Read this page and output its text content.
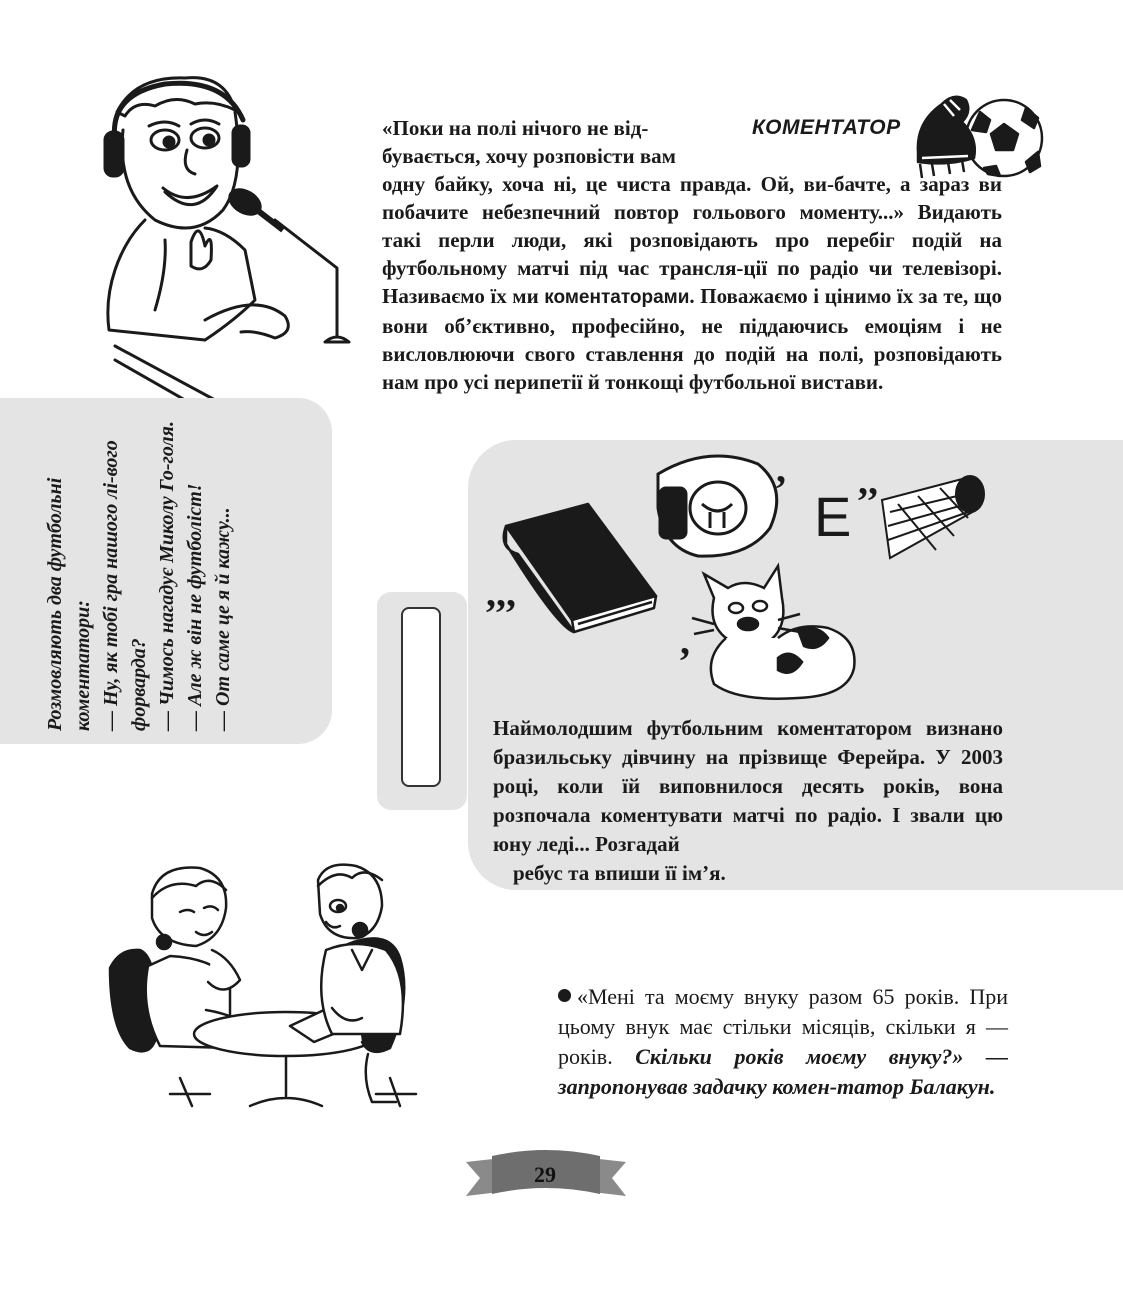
КОМЕНТАТОР

«Поки на полі нічого не від-

бувається, хочу розповісти вам

одну байку, хоча ні, це чиста правда. Ой, ви-бачте, а зараз ви побачите небезпечний повтор гольового моменту...» Видають такі перли люди, які розповідають про перебіг подій на футбольному матчі під час трансля-ції по радіо чи телевізорі. Називаємо їх ми коментаторами. Поважаємо і цінимо їх за те, що вони об’єктивно, професійно, не піддаючись емоціям і не висловлюючи свого ставлення до подій на полі, розповідають нам про усі перипетії й тонкощі футбольної вистави.

Розмовляють два футбольні коментатори: — Ну, як тобі гра нашого лі-вого форварда? — Чимось нагадує Миколу Го-голя. — Але ж він не футболіст! — От саме це я й кажу...	,,,
,
Е
,, ,
,

Наймолодшим футбольним коментатором визнано бразильську дівчину на прізвище Ферейра. У 2003 році, коли їй виповнилося десять років, вона розпочала коментувати матчі по радіо. І звали цю юну леді... Розгадай

ребус та впиши її ім’я.

«Мені та моєму внуку разом 65 років. При цьому внук має стільки місяців, скільки я — років. Скільки років моєму внуку?» — запропонував задачку комен-татор Балакун.

29
